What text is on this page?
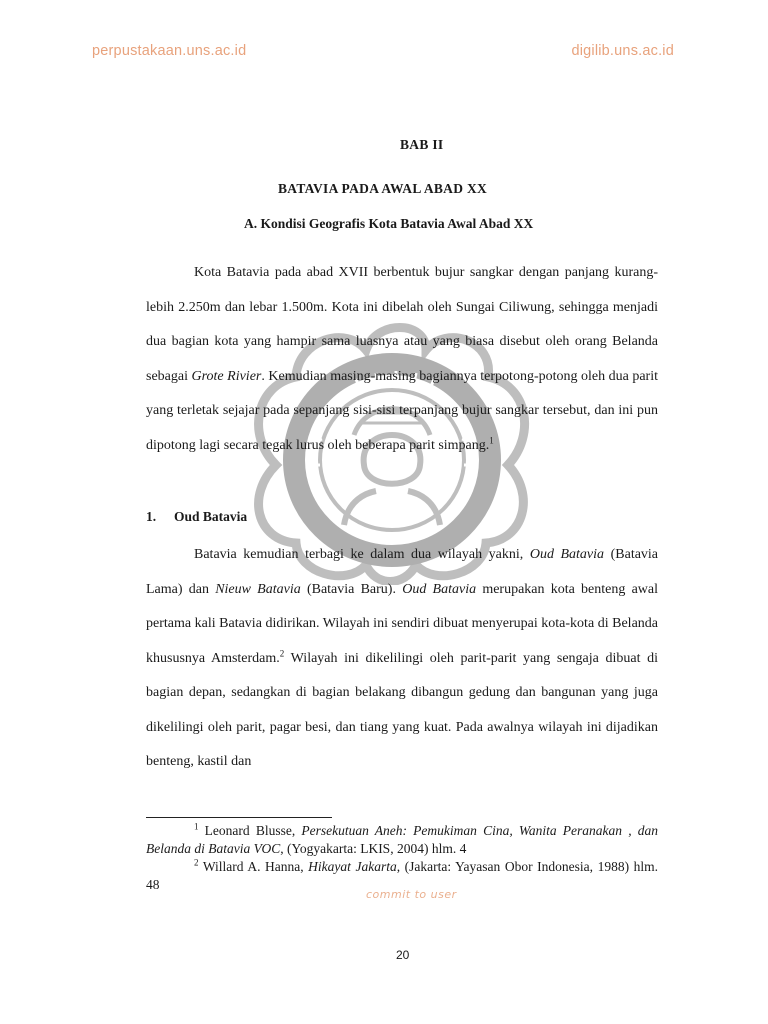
perpustakaan.uns.ac.id	digilib.uns.ac.id
BAB II
BATAVIA PADA AWAL ABAD XX
A. Kondisi Geografis Kota Batavia Awal Abad XX
Kota Batavia pada abad XVII berbentuk bujur sangkar dengan panjang kurang-lebih 2.250m dan lebar 1.500m. Kota ini dibelah oleh Sungai Ciliwung, sehingga menjadi dua bagian kota yang hampir sama luasnya atau yang biasa disebut oleh orang Belanda sebagai Grote Rivier. Kemudian masing-masing bagiannya terpotong-potong oleh dua parit yang terletak sejajar pada sepanjang sisi-sisi terpanjang bujur sangkar tersebut, dan ini pun dipotong lagi secara tegak lurus oleh beberapa parit simpang.$^1$
1. Oud Batavia
Batavia kemudian terbagi ke dalam dua wilayah yakni, Oud Batavia (Batavia Lama) dan Nieuw Batavia (Batavia Baru). Oud Batavia merupakan kota benteng awal pertama kali Batavia didirikan. Wilayah ini sendiri dibuat menyerupai kota-kota di Belanda khususnya Amsterdam.$^2$ Wilayah ini dikelilingi oleh parit-parit yang sengaja dibuat di bagian depan, sedangkan di bagian belakang dibangun gedung dan bangunan yang juga dikelilingi oleh parit, pagar besi, dan tiang yang kuat. Pada awalnya wilayah ini dijadikan benteng, kastil dan

$^1$ Leonard Blusse, Persekutuan Aneh: Pemukiman Cina, Wanita Peranakan , dan Belanda di Batavia VOC, (Yogyakarta: LKIS, 2004) hlm. 4

$^2$ Willard A. Hanna, Hikayat Jakarta, (Jakarta: Yayasan Obor Indonesia, 1988) hlm. 48

commit to user
20
